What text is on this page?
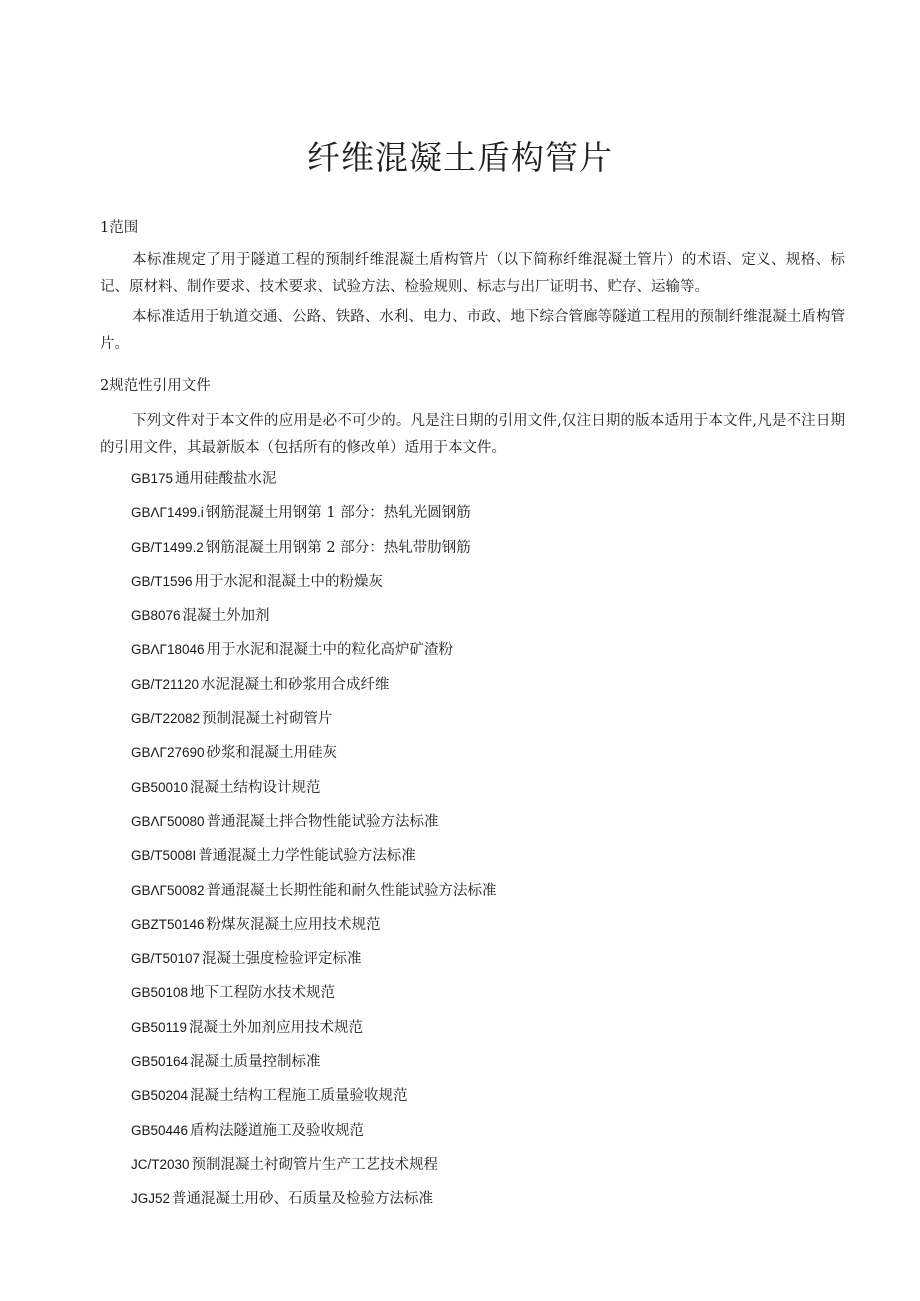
纤维混凝土盾构管片
1范围

本标准规定了用于隧道工程的预制纤维混凝土盾构管片（以下简称纤维混凝土管片）的术语、定义、规格、标记、原材料、制作要求、技术要求、试验方法、检验规则、标志与出厂证明书、贮存、运输等。

本标准适用于轨道交通、公路、铁路、水利、电力、市政、地下综合管廊等隧道工程用的预制纤维混凝土盾构管片。

2规范性引用文件

下列文件对于本文件的应用是必不可少的。凡是注日期的引用文件,仅注日期的版本适用于本文件,凡是不注日期的引用文件，其最新版本（包括所有的修改单）适用于本文件。

GB175 通用硅酸盐水泥
GBΛΓ1499.i 钢筋混凝土用钢第 1 部分：热轧光圆钢筋
GB/T1499.2 钢筋混凝土用钢第 2 部分：热轧带肋钢筋
GB/T1596 用于水泥和混凝土中的粉燥灰
GB8076 混凝土外加剂
GBΛΓ18046 用于水泥和混凝土中的粒化高炉矿渣粉
GB/T21120 水泥混凝土和砂浆用合成纤维
GB/T22082 预制混凝土衬砌管片
GBΛΓ27690 砂浆和混凝土用硅灰
GB50010 混凝土结构设计规范
GBΛΓ50080 普通混凝土拌合物性能试验方法标准
GB/T5008I 普通混凝土力学性能试验方法标准
GBΛΓ50082 普通混凝土长期性能和耐久性能试验方法标准
GBZT50146 粉煤灰混凝土应用技术规范
GB/T50107 混凝土强度检验评定标准
GB50108 地下工程防水技术规范
GB50119 混凝土外加剂应用技术规范
GB50164 混凝土质量控制标准
GB50204 混凝土结构工程施工质量验收规范
GB50446 盾构法隧道施工及验收规范
JC/T2030 预制混凝土衬砌管片生产工艺技术规程
JGJ52 普通混凝土用砂、石质量及检验方法标准
